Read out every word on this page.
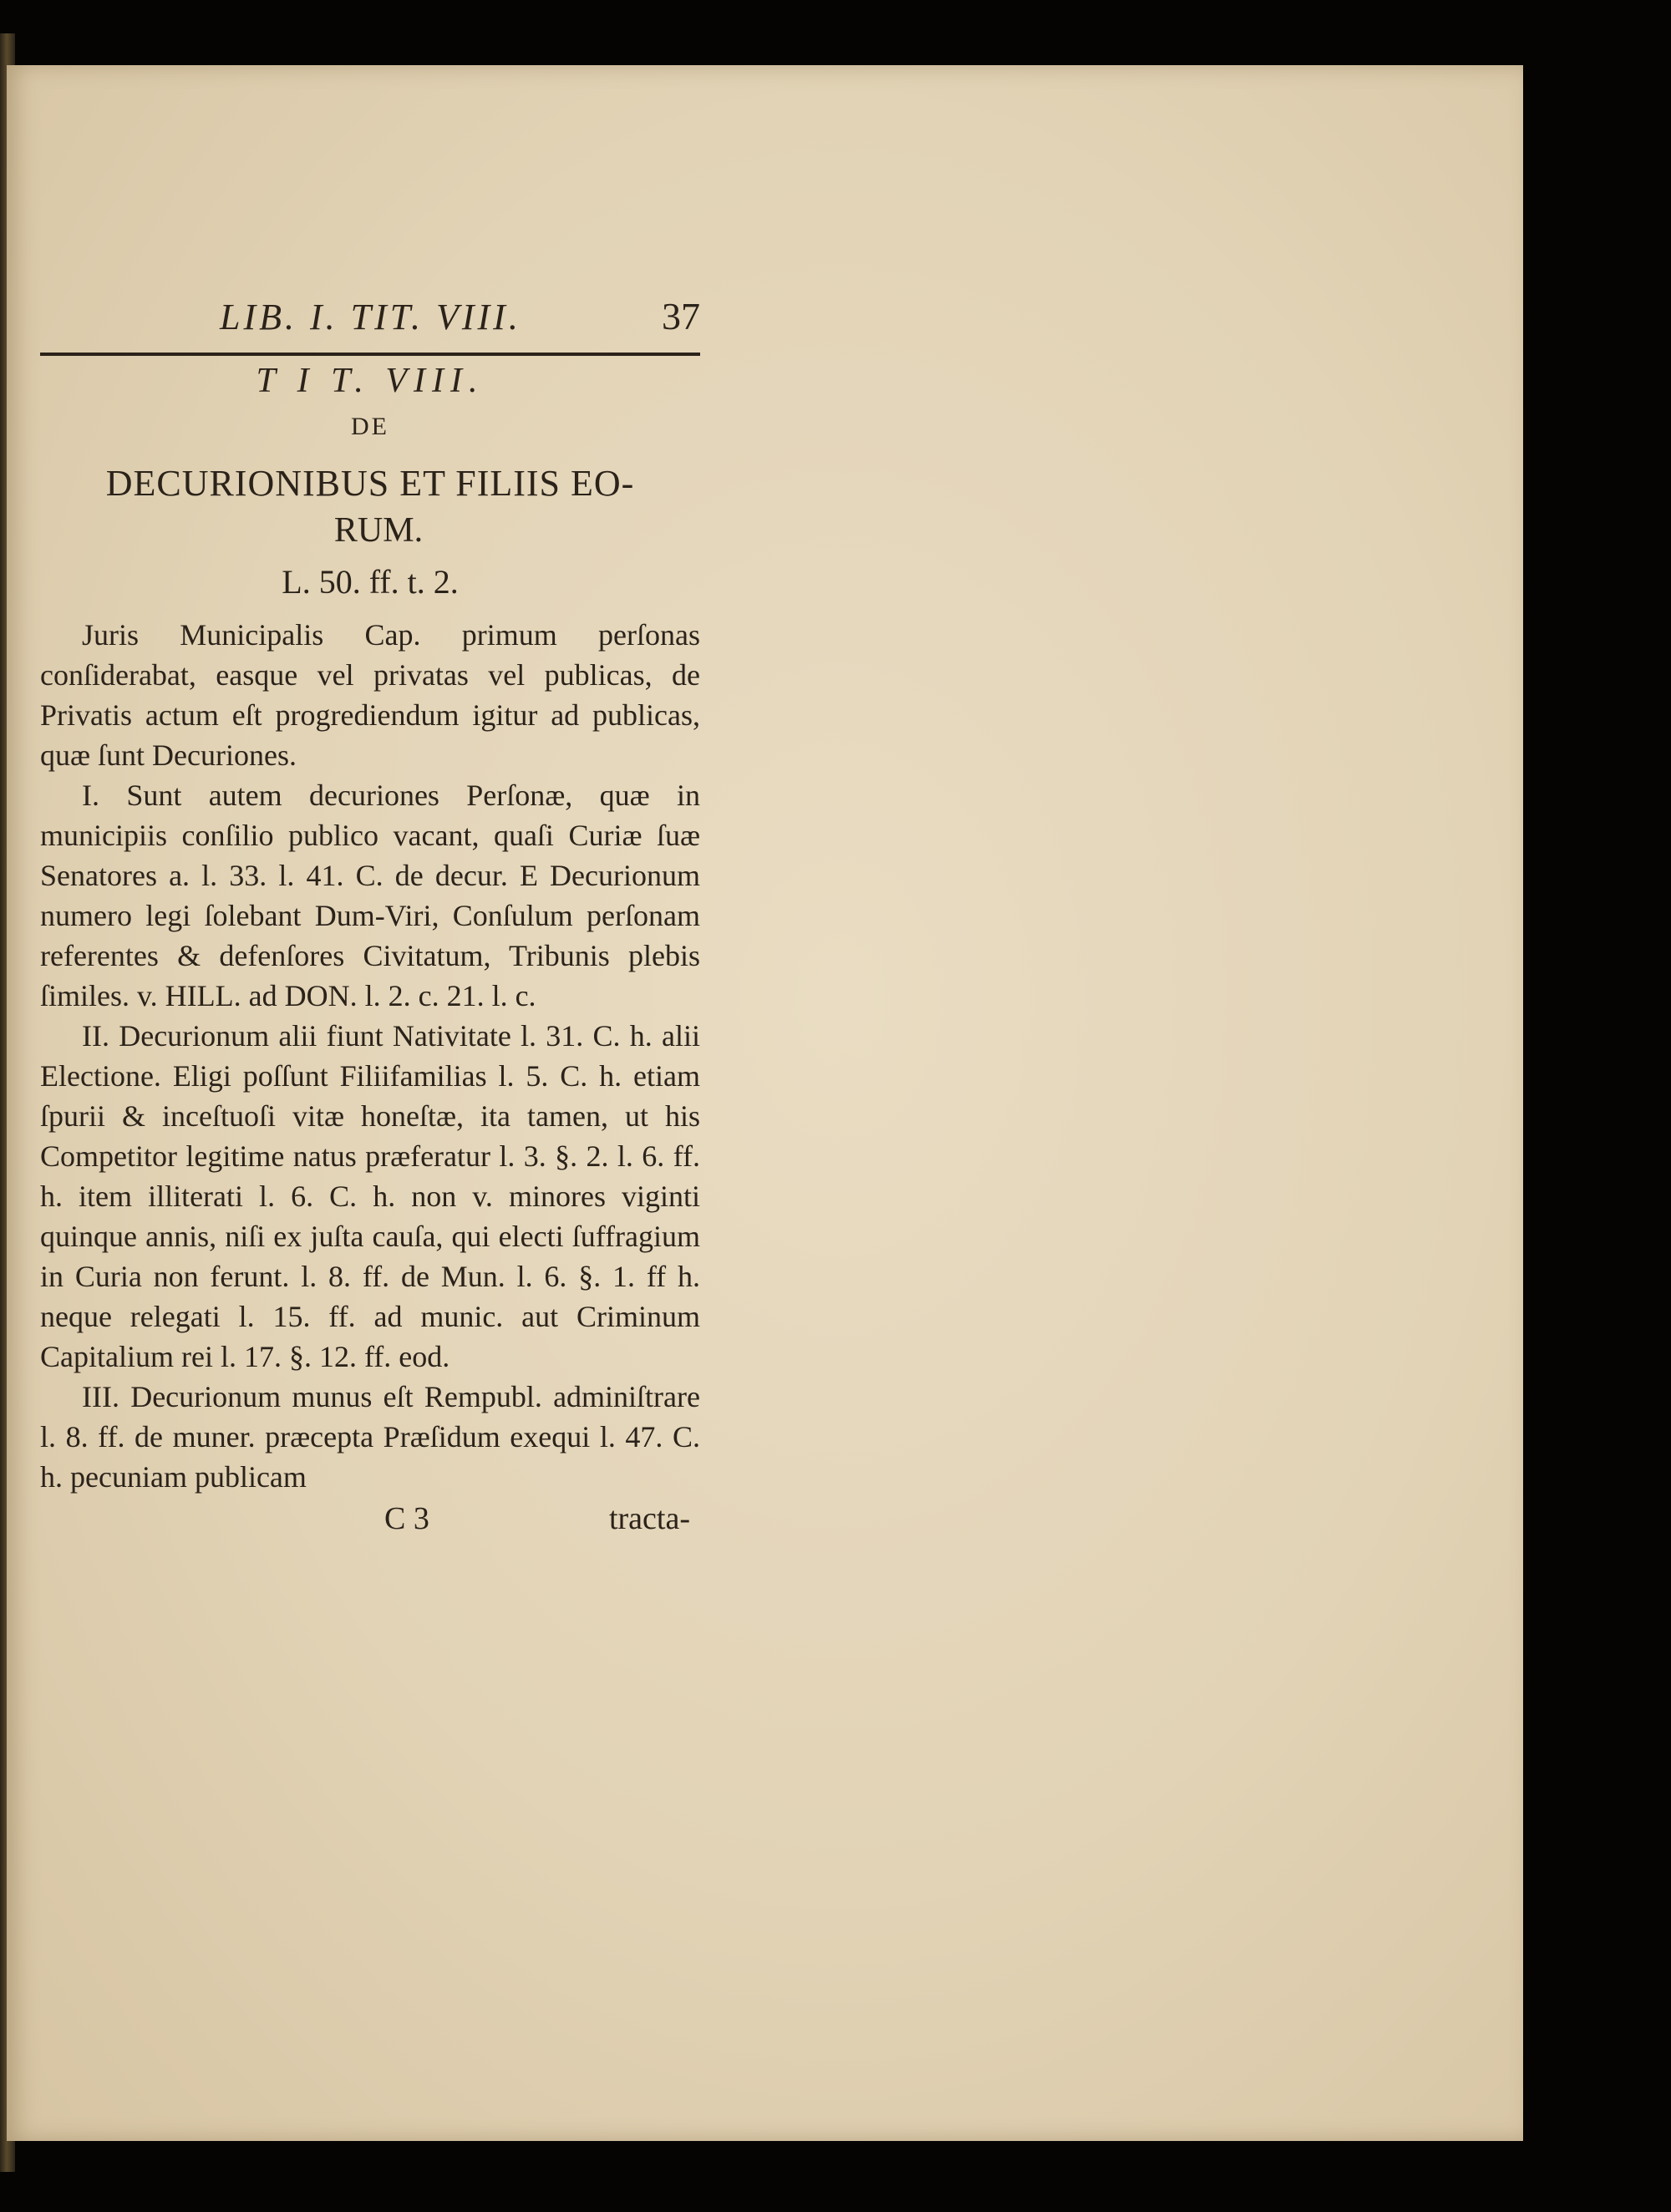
LIB. I. TIT. VIII.	37
T I T. VIII.
DE

DECURIONIBUS ET FILIIS EO-

RUM.
L. 50. ff. t. 2.

Juris Municipalis Cap. primum perſonas conſiderabat, easque vel privatas vel publicas, de Privatis actum eſt progrediendum igitur ad publicas, quæ ſunt Decuriones.

I. Sunt autem decuriones Perſonæ, quæ in municipiis conſilio publico vacant, quaſi Curiæ ſuæ Senatores a. l. 33. l. 41. C. de decur. E Decurionum numero legi ſolebant Dum-Viri, Conſulum perſonam referentes & defenſores Civitatum, Tribunis plebis ſimiles. v. HILL. ad DON. l. 2. c. 21. l. c.

II. Decurionum alii fiunt Nativitate l. 31. C. h. alii Electione. Eligi poſſunt Filiifamilias l. 5. C. h. etiam ſpurii & inceſtuoſi vitæ honeſtæ, ita tamen, ut his Competitor legitime natus præferatur l. 3. §. 2. l. 6. ff. h. item illiterati l. 6. C. h. non v. minores viginti quinque annis, niſi ex juſta cauſa, qui electi ſuffragium in Curia non ferunt. l. 8. ff. de Mun. l. 6. §. 1. ff h. neque relegati l. 15. ff. ad munic. aut Criminum Capitalium rei l. 17. §. 12. ff. eod.

III. Decurionum munus eſt Rempubl. adminiſtrare l. 8. ff. de muner. præcepta Præſidum exequi l. 47. C. h. pecuniam publicam

C 3	tracta-
